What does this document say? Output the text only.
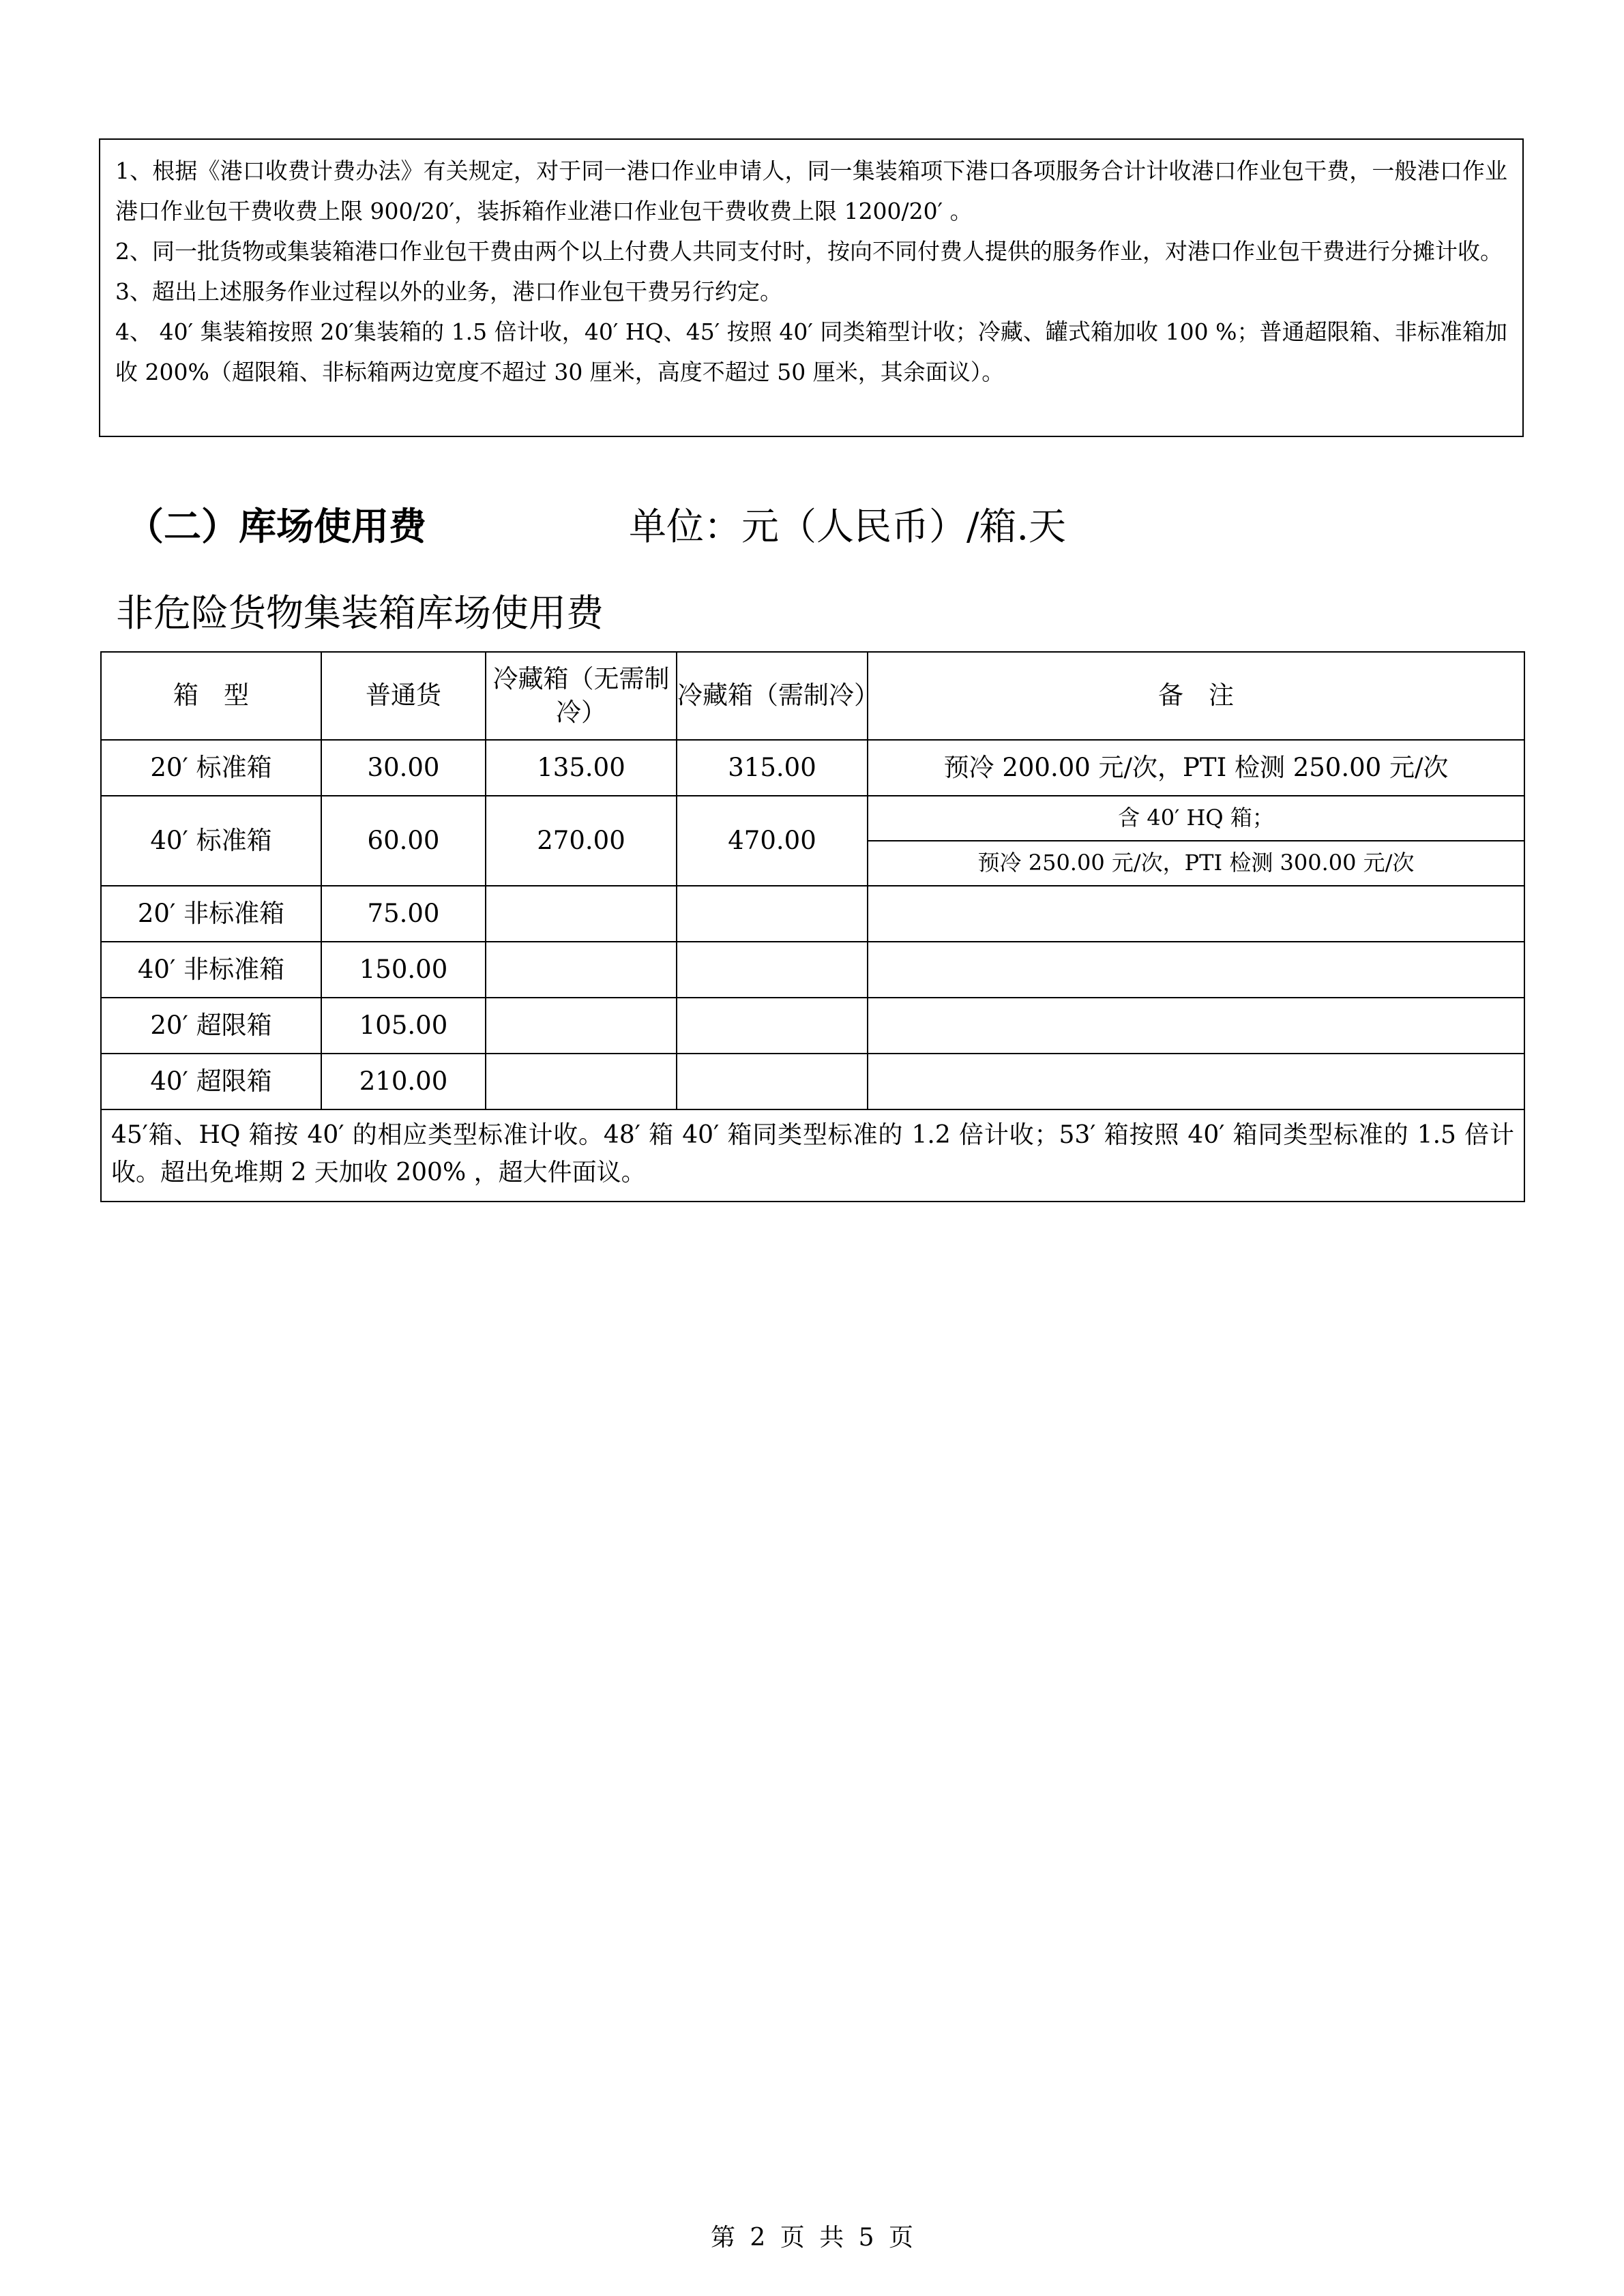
1、根据《港口收费计费办法》有关规定，对于同一港口作业申请人，同一集装箱项下港口各项服务合计计收港口作业包干费，一般港口作业港口作业包干费收费上限 900/20′，装拆箱作业港口作业包干费收费上限 1200/20′ 。

2、同一批货物或集装箱港口作业包干费由两个以上付费人共同支付时，按向不同付费人提供的服务作业，对港口作业包干费进行分摊计收。

3、超出上述服务作业过程以外的业务，港口作业包干费另行约定。

4、 40′ 集装箱按照 20′集装箱的 1.5 倍计收，40′ HQ、45′ 按照 40′ 同类箱型计收；冷藏、罐式箱加收 100 %；普通超限箱、非标准箱加收 200%（超限箱、非标箱两边宽度不超过 30 厘米，高度不超过 50 厘米，其余面议）。

（二）库场使用费	单位：元（人民币）/箱.天
非危险货物集装箱库场使用费
箱　型	普通货	冷藏箱（无需制冷）	冷藏箱（需制冷）	备　注
20′ 标准箱	30.00	135.00	315.00	预冷 200.00 元/次，PTI 检测 250.00 元/次
40′ 标准箱	60.00	270.00	470.00	含 40′ HQ 箱；
				预冷 250.00 元/次，PTI 检测 300.00 元/次
20′ 非标准箱	75.00			
40′ 非标准箱	150.00			
20′ 超限箱	105.00			
40′ 超限箱	210.00			
45′箱、HQ 箱按 40′ 的相应类型标准计收。48′ 箱 40′ 箱同类型标准的 1.2 倍计收；53′ 箱按照 40′ 箱同类型标准的 1.5 倍计收。超出免堆期 2 天加收 200% ，超大件面议。				
第 2 页 共 5 页
